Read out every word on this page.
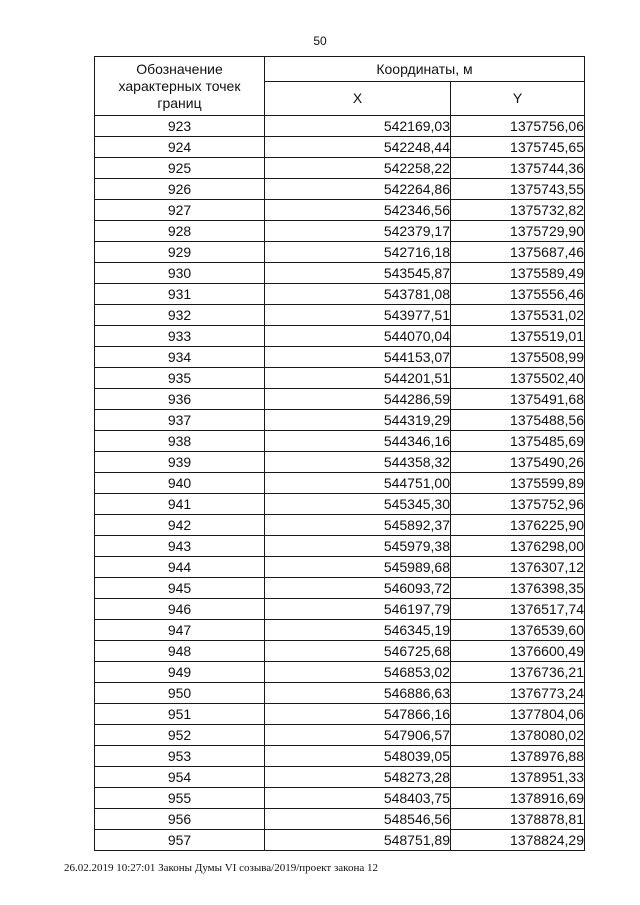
50
Обозначение характерных точек границ	Координаты, м	
	X	Y
923	542169,03	1375756,06
924	542248,44	1375745,65
925	542258,22	1375744,36
926	542264,86	1375743,55
927	542346,56	1375732,82
928	542379,17	1375729,90
929	542716,18	1375687,46
930	543545,87	1375589,49
931	543781,08	1375556,46
932	543977,51	1375531,02
933	544070,04	1375519,01
934	544153,07	1375508,99
935	544201,51	1375502,40
936	544286,59	1375491,68
937	544319,29	1375488,56
938	544346,16	1375485,69
939	544358,32	1375490,26
940	544751,00	1375599,89
941	545345,30	1375752,96
942	545892,37	1376225,90
943	545979,38	1376298,00
944	545989,68	1376307,12
945	546093,72	1376398,35
946	546197,79	1376517,74
947	546345,19	1376539,60
948	546725,68	1376600,49
949	546853,02	1376736,21
950	546886,63	1376773,24
951	547866,16	1377804,06
952	547906,57	1378080,02
953	548039,05	1378976,88
954	548273,28	1378951,33
955	548403,75	1378916,69
956	548546,56	1378878,81
957	548751,89	1378824,29
26.02.2019 10:27:01 Законы Думы VI созыва/2019/проект закона 12
